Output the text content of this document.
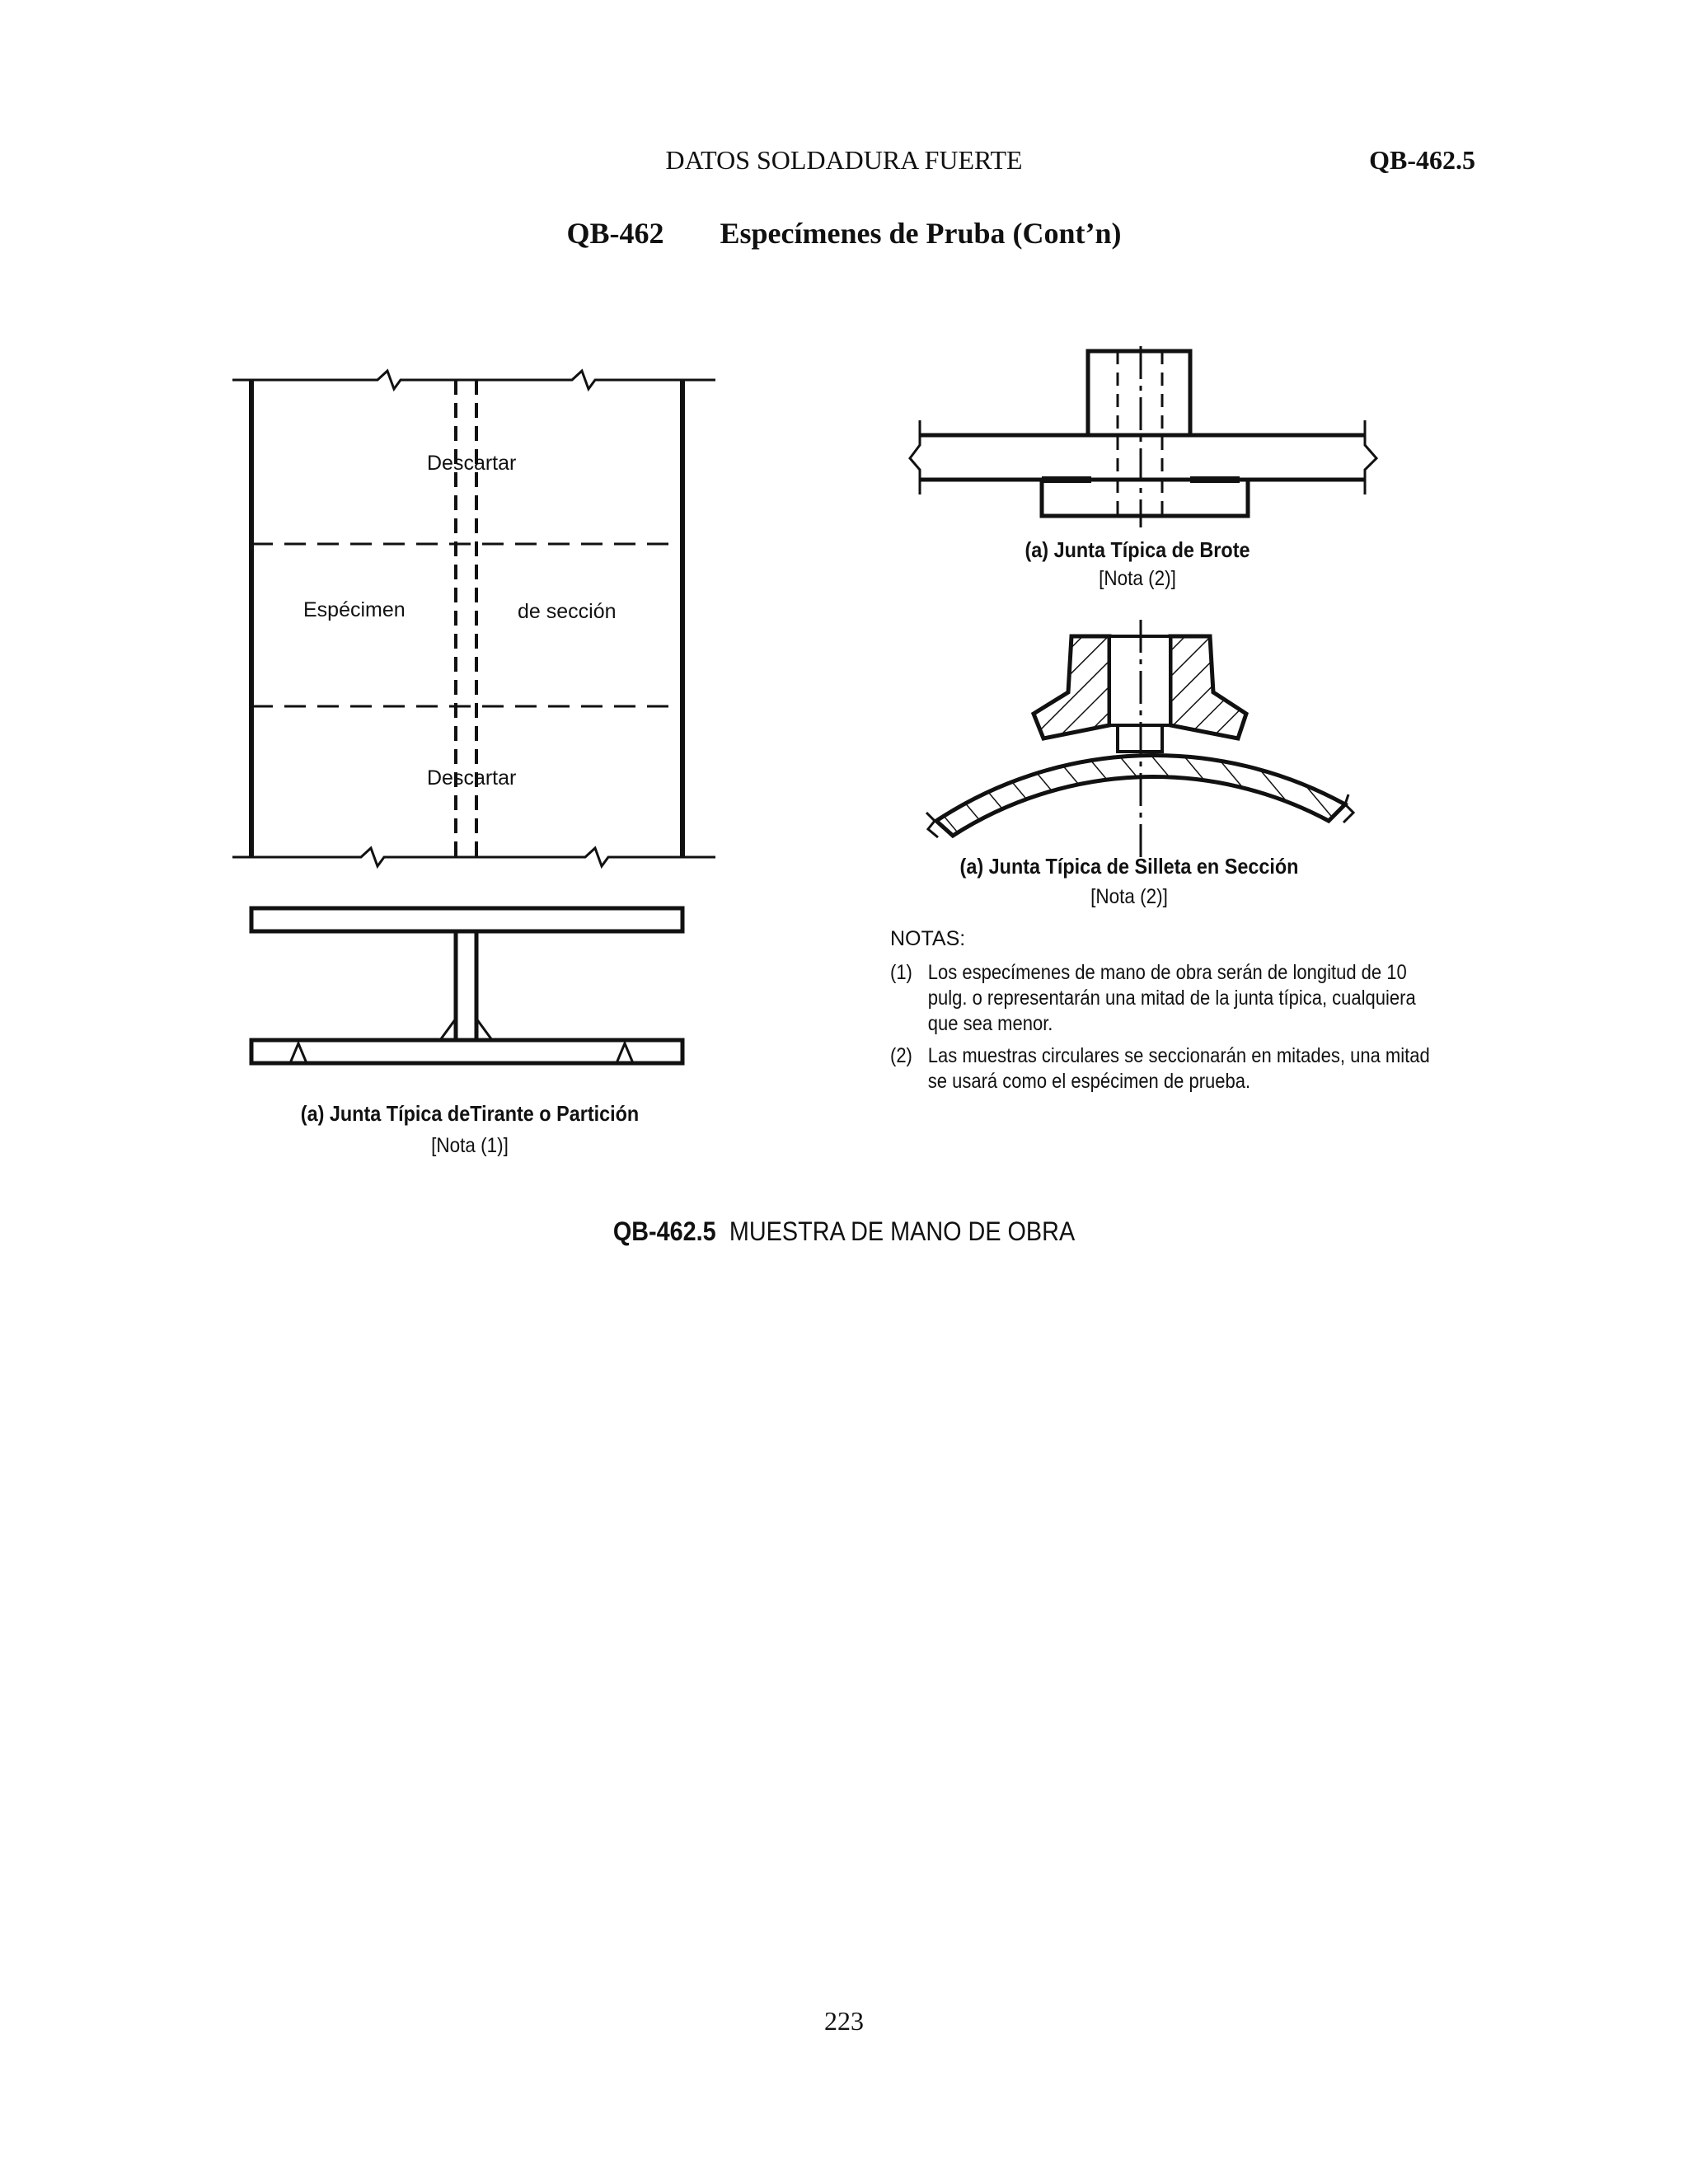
DATOS SOLDADURA FUERTE	QB-462.5
QB-462 Especímenes de Pruba (Cont’n)
Descartar
Espécimen	de sección
Descartar
(a) Junta Típica deTirante o Partición
[Nota (1)]
(a) Junta Típica de Brote
[Nota (2)]
(a) Junta Típica de Silleta en Sección
[Nota (2)]
NOTAS:
(1) Los especímenes de mano de obra serán de longitud de 10 pulg. o representarán una mitad de la junta típica, cualquiera que sea menor.
(2) Las muestras circulares se seccionarán en mitades, una mitad se usará como el espécimen de prueba.
QB-462.5 MUESTRA DE MANO DE OBRA
223
